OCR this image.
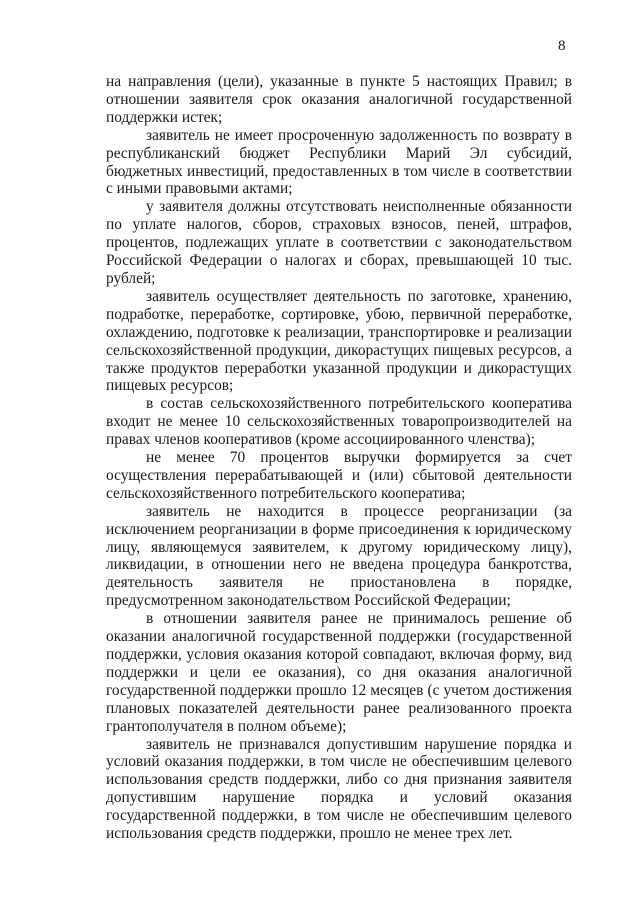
8

на направления (цели), указанные в пункте 5 настоящих Правил; в отношении заявителя срок оказания аналогичной государственной поддержки истек;

заявитель не имеет просроченную задолженность по возврату в республиканский бюджет Республики Марий Эл субсидий, бюджетных инвестиций, предоставленных в том числе в соответствии с иными правовыми актами;

у заявителя должны отсутствовать неисполненные обязанности по уплате налогов, сборов, страховых взносов, пеней, штрафов, процентов, подлежащих уплате в соответствии с законодательством Российской Федерации о налогах и сборах, превышающей 10 тыс. рублей;

заявитель осуществляет деятельность по заготовке, хранению, подработке, переработке, сортировке, убою, первичной переработке, охлаждению, подготовке к реализации, транспортировке и реализации сельскохозяйственной продукции, дикорастущих пищевых ресурсов, а также продуктов переработки указанной продукции и дикорастущих пищевых ресурсов;

в состав сельскохозяйственного потребительского кооператива входит не менее 10 сельскохозяйственных товаропроизводителей на правах членов кооперативов (кроме ассоциированного членства);

не менее 70 процентов выручки формируется за счет осуществления перерабатывающей и (или) сбытовой деятельности сельскохозяйственного потребительского кооператива;

заявитель не находится в процессе реорганизации (за исключением реорганизации в форме присоединения к юридическому лицу, являющемуся заявителем, к другому юридическому лицу), ликвидации, в отношении него не введена процедура банкротства, деятельность заявителя не приостановлена в порядке, предусмотренном законодательством Российской Федерации;

в отношении заявителя ранее не принималось решение об оказании аналогичной государственной поддержки (государственной поддержки, условия оказания которой совпадают, включая форму, вид поддержки и цели ее оказания), со дня оказания аналогичной государственной поддержки прошло 12 месяцев (с учетом достижения плановых показателей деятельности ранее реализованного проекта грантополучателя в полном объеме);

заявитель не признавался допустившим нарушение порядка и условий оказания поддержки, в том числе не обеспечившим целевого использования средств поддержки, либо со дня признания заявителя допустившим нарушение порядка и условий оказания государственной поддержки, в том числе не обеспечившим целевого использования средств поддержки, прошло не менее трех лет.
